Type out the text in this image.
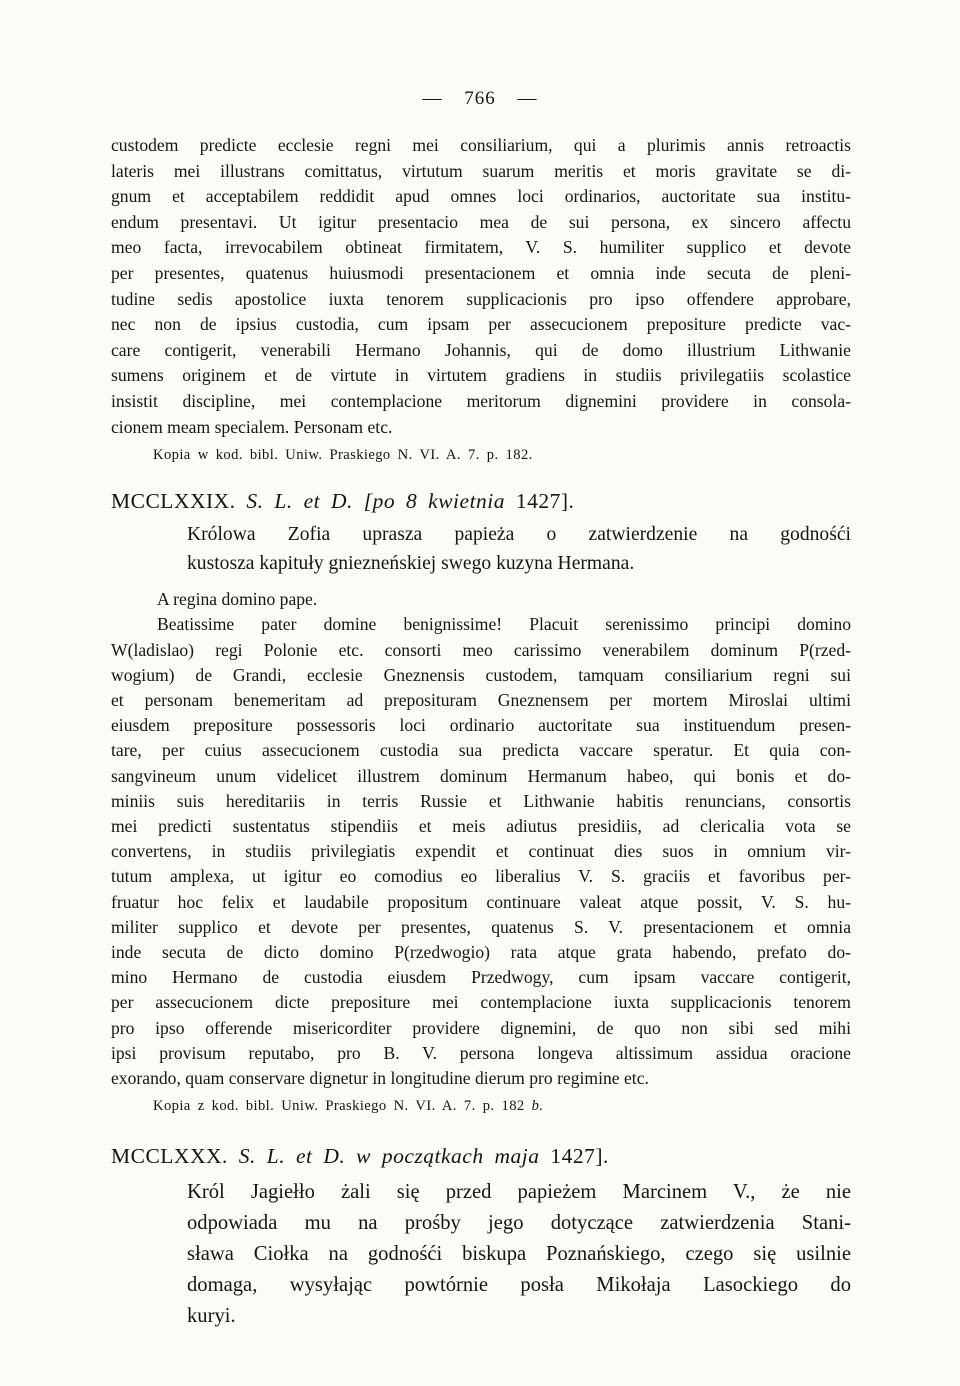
— 766 —
custodem predicte ecclesie regni mei consiliarium, qui a plurimis annis retroactis
lateris mei illustrans comittatus, virtutum suarum meritis et moris gravitate se di-
gnum et acceptabilem reddidit apud omnes loci ordinarios, auctoritate sua institu-
endum presentavi. Ut igitur presentacio mea de sui persona, ex sincero affectu
meo facta, irrevocabilem obtineat firmitatem, V. S. humiliter supplico et devote
per presentes, quatenus huiusmodi presentacionem et omnia inde secuta de pleni-
tudine sedis apostolice iuxta tenorem supplicacionis pro ipso offendere approbare,
nec non de ipsius custodia, cum ipsam per assecucionem prepositure predicte vac-
care contigerit, venerabili Hermano Johannis, qui de domo illustrium Lithwanie
sumens originem et de virtute in virtutem gradiens in studiis privilegatiis scolastice
insistit discipline, mei contemplacione meritorum dignemini providere in consola-
cionem meam specialem. Personam etc.
Kopia w kod. bibl. Uniw. Praskiego N. VI. A. 7. p. 182.
MCCLXXIX. S. L. et D. [po 8 kwietnia 1427].
Królowa Zofia uprasza papieża o zatwierdzenie na godnośći
kustosza kapituły gniezneńskiej swego kuzyna Hermana.
A regina domino pape.
Beatissime pater domine benignissime! Placuit serenissimo principi domino
W(ladislao) regi Polonie etc. consorti meo carissimo venerabilem dominum P(rzed-
wogium) de Grandi, ecclesie Gneznensis custodem, tamquam consiliarium regni sui
et personam benemeritam ad preposituram Gneznensem per mortem Miroslai ultimi
eiusdem prepositure possessoris loci ordinario auctoritate sua instituendum presen-
tare, per cuius assecucionem custodia sua predicta vaccare speratur. Et quia con-
sangvineum unum videlicet illustrem dominum Hermanum habeo, qui bonis et do-
miniis suis hereditariis in terris Russie et Lithwanie habitis renuncians, consortis
mei predicti sustentatus stipendiis et meis adiutus presidiis, ad clericalia vota se
convertens, in studiis privilegiatis expendit et continuat dies suos in omnium vir-
tutum amplexa, ut igitur eo comodius eo liberalius V. S. graciis et favoribus per-
fruatur hoc felix et laudabile propositum continuare valeat atque possit, V. S. hu-
militer supplico et devote per presentes, quatenus S. V. presentacionem et omnia
inde secuta de dicto domino P(rzedwogio) rata atque grata habendo, prefato do-
mino Hermano de custodia eiusdem Przedwogy, cum ipsam vaccare contigerit,
per assecucionem dicte prepositure mei contemplacione iuxta supplicacionis tenorem
pro ipso offerende misericorditer providere dignemini, de quo non sibi sed mihi
ipsi provisum reputabo, pro B. V. persona longeva altissimum assidua oracione
exorando, quam conservare dignetur in longitudine dierum pro regimine etc.
Kopia z kod. bibl. Uniw. Praskiego N. VI. A. 7. p. 182 b.
MCCLXXX. S. L. et D. w początkach maja 1427].
Król Jagiełło żali się przed papieżem Marcinem V., że nie
odpowiada mu na prośby jego dotyczące zatwierdzenia Stani-
sława Ciołka na godnośći biskupa Poznańskiego, czego się usilnie
domaga, wysyłając powtórnie posła Mikołaja Lasockiego do
kuryi.
